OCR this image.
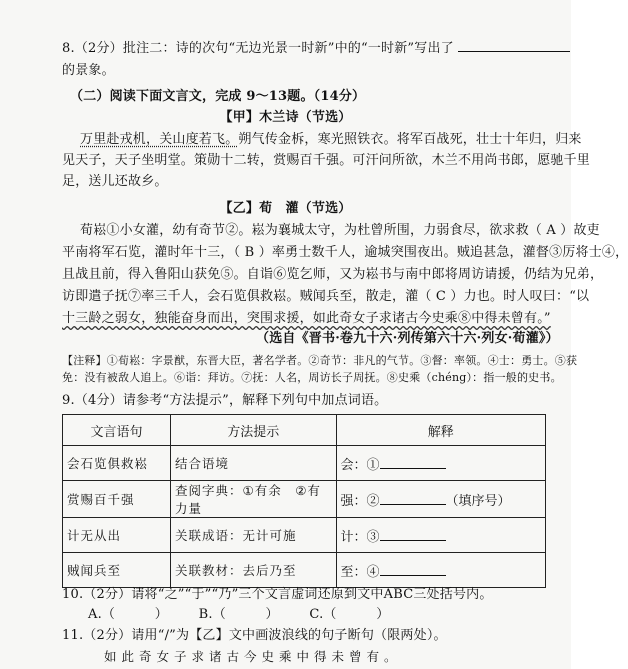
8.（2分）批注二：诗的次句“无边光景一时新”中的“一时新”写出了
的景象。
（二）阅读下面文言文，完成 9～13题。（14分）
【甲】木兰诗（节选）
万里赴戎机，关山度若飞。朔气传金柝，寒光照铁衣。将军百战死，壮士十年归，归来
见天子，天子坐明堂。策勋十二转，赏赐百千强。可汗问所欲，木兰不用尚书郎，愿驰千里
足，送儿还故乡。
【乙】荀　灌（节选）
荀崧①小女灌，幼有奇节②。崧为襄城太守，为杜曾所围，力弱食尽，欲求救（ A ）故吏
平南将军石览，灌时年十三，（ B ）率勇士数千人，逾城突围夜出。贼追甚急，灌督③厉将士④，
且战且前，得入鲁阳山获免⑤。自诣⑥览乞师，又为崧书与南中郎将周访请援，仍结为兄弟，
访即遣子抚⑦率三千人，会石览俱救崧。贼闻兵至，散走，灌（ C ）力也。时人叹曰：“以
十三龄之弱女，独能奋身而出，突围求援，如此奇女子求诸古今史乘⑧中得未曾有。”
（选自《晋书·卷九十六·列传第六十六·列女·荀灌》）
【注释】①荀崧：字景猷，东晋大臣，著名学者。②奇节：非凡的气节。③督：率领。④士：勇士。⑤获
免：没有被敌人追上。⑥诣：拜访。⑦抚：人名，周访长子周抚。⑧史乘（chéng）：指一般的史书。
9.（4分）请参考“方法提示”，解释下列句中加点词语。
文言语句	方法提示	解释
会石览俱救崧	结合语境	会：①
赏赐百千强	查阅字典：①有余　②有力量	强：② （填序号）
计无从出	关联成语：无计可施	计：③
贼闻兵至	关联教材：去后乃至	至：④
10.（2分）请将“之”“于”“乃”三个文言虚词还原到文中ABC三处括号内。
A.（　　　） B.（　　　） C.（　　　）
11.（2分）请用“/”为【乙】文中画波浪线的句子断句（限两处）。
如此奇女子求诸古今史乘中得未曾有。
